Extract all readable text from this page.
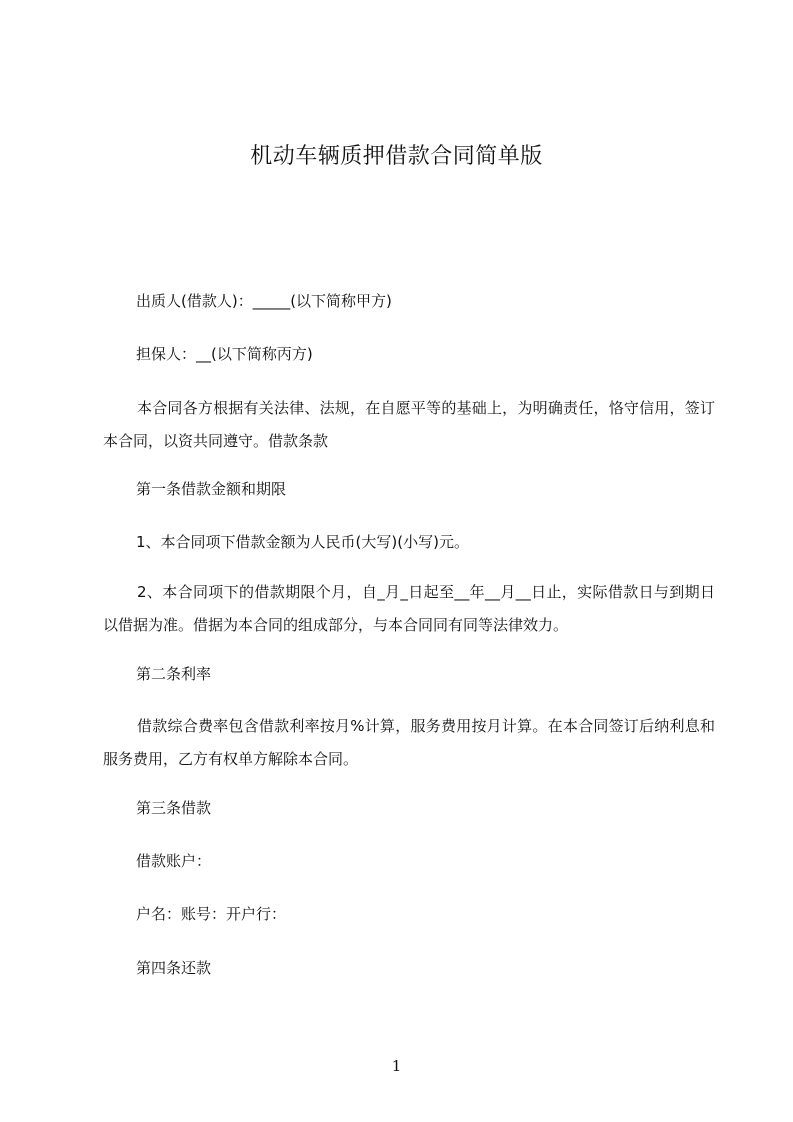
机动车辆质押借款合同简单版

出质人(借款人)：_____(以下简称甲方)

担保人：__(以下简称丙方)

本合同各方根据有关法律、法规，在自愿平等的基础上，为明确责任，恪守信用，签订本合同，以资共同遵守。借款条款

第一条借款金额和期限

1、本合同项下借款金额为人民币(大写)(小写)元。

2、本合同项下的借款期限个月，自_月_日起至__年__月__日止，实际借款日与到期日以借据为准。借据为本合同的组成部分，与本合同同有同等法律效力。

第二条利率

借款综合费率包含借款利率按月%计算，服务费用按月计算。在本合同签订后纳利息和服务费用，乙方有权单方解除本合同。

第三条借款

借款账户：

户名：账号：开户行：

第四条还款

1
